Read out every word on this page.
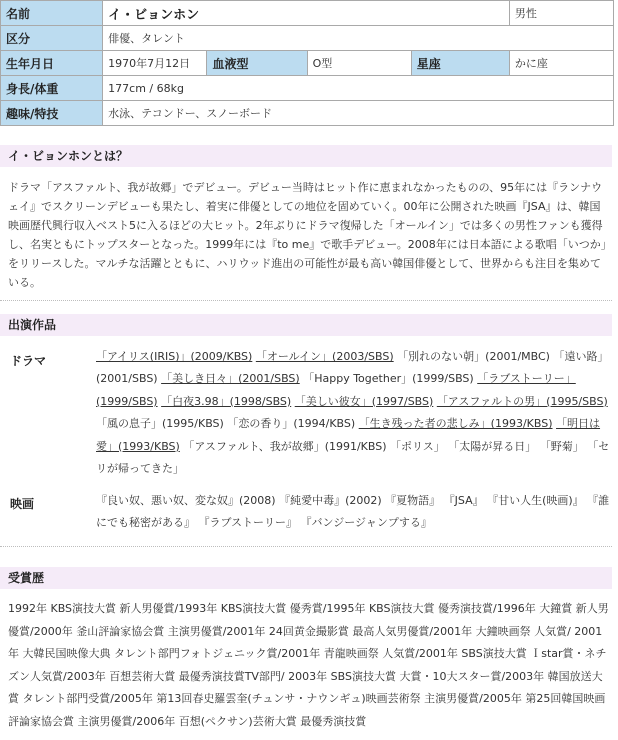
名前	イ・ビョンホン				男性
区分	俳優、タレント				
生年月日	1970年7月12日	血液型	O型	星座	かに座
身長/体重	177cm / 68kg				
趣味/特技	水泳、テコンドー、スノーボード				
イ・ビョンホンとは？
ドラマ「アスファルト、我が故郷」でデビュー。デビュー当時はヒット作に恵まれなかったものの、95年には『ランナウェイ』でスクリーンデビューも果たし、着実に俳優としての地位を固めていく。00年に公開された映画『JSA』は、韓国映画歴代興行収入ベスト5に入るほどの大ヒット。2年ぶりにドラマ復帰した「オールイン」では多くの男性ファンも獲得し、名実ともにトップスターとなった。1999年には『to me』で歌手デビュー。2008年には日本語による歌唱「いつか」をリリースした。マルチな活躍とともに、ハリウッド進出の可能性が最も高い韓国俳優として、世界からも注目を集めている。
出演作品
ドラマ	「アイリス(IRIS)」(2009/KBS) 「オールイン」(2003/SBS) 「別れのない朝」(2001/MBC) 「遠い路」(2001/SBS) 「美しき日々」(2001/SBS) 「Happy Together」(1999/SBS) 「ラブストーリー」(1999/SBS) 「白夜3.98」(1998/SBS) 「美しい彼女」(1997/SBS) 「アスファルトの男」(1995/SBS) 「風の息子」(1995/KBS) 「恋の香り」(1994/KBS) 「生き残った者の悲しみ」(1993/KBS) 「明日は愛」(1993/KBS) 「アスファルト、我が故郷」(1991/KBS) 「ポリス」 「太陽が昇る日」 「野菊」 「セリが帰ってきた」
映画	『良い奴、悪い奴、変な奴』(2008) 『純愛中毒』(2002) 『夏物語』 『JSA』 『甘い人生(映画)』 『誰にでも秘密がある』 『ラブストーリー』 『バンジージャンプする』
受賞歴
1992年 KBS演技大賞 新人男優賞/1993年 KBS演技大賞 優秀賞/1995年 KBS演技大賞 優秀演技賞/1996年 大鐘賞 新人男優賞/2000年 釜山評論家協会賞 主演男優賞/2001年 24回黄金撮影賞 最高人気男優賞/2001年 大鐘映画祭 人気賞/ 2001年 大韓民国映像大典 タレント部門フォトジェニック賞/2001年 青龍映画祭 人気賞/2001年 SBS演技大賞 Ｉstar賞・ネチズン人気賞/2003年 百想芸術大賞 最優秀演技賞TV部門/ 2003年 SBS演技大賞 大賞・10大スター賞/2003年 韓国放送大賞 タレント部門受賞/2005年 第13回春史羅雲奎(チュンサ・ナウンギュ)映画芸術祭 主演男優賞/2005年 第25回韓国映画評論家協会賞 主演男優賞/2006年 百想(ペクサン)芸術大賞 最優秀演技賞
